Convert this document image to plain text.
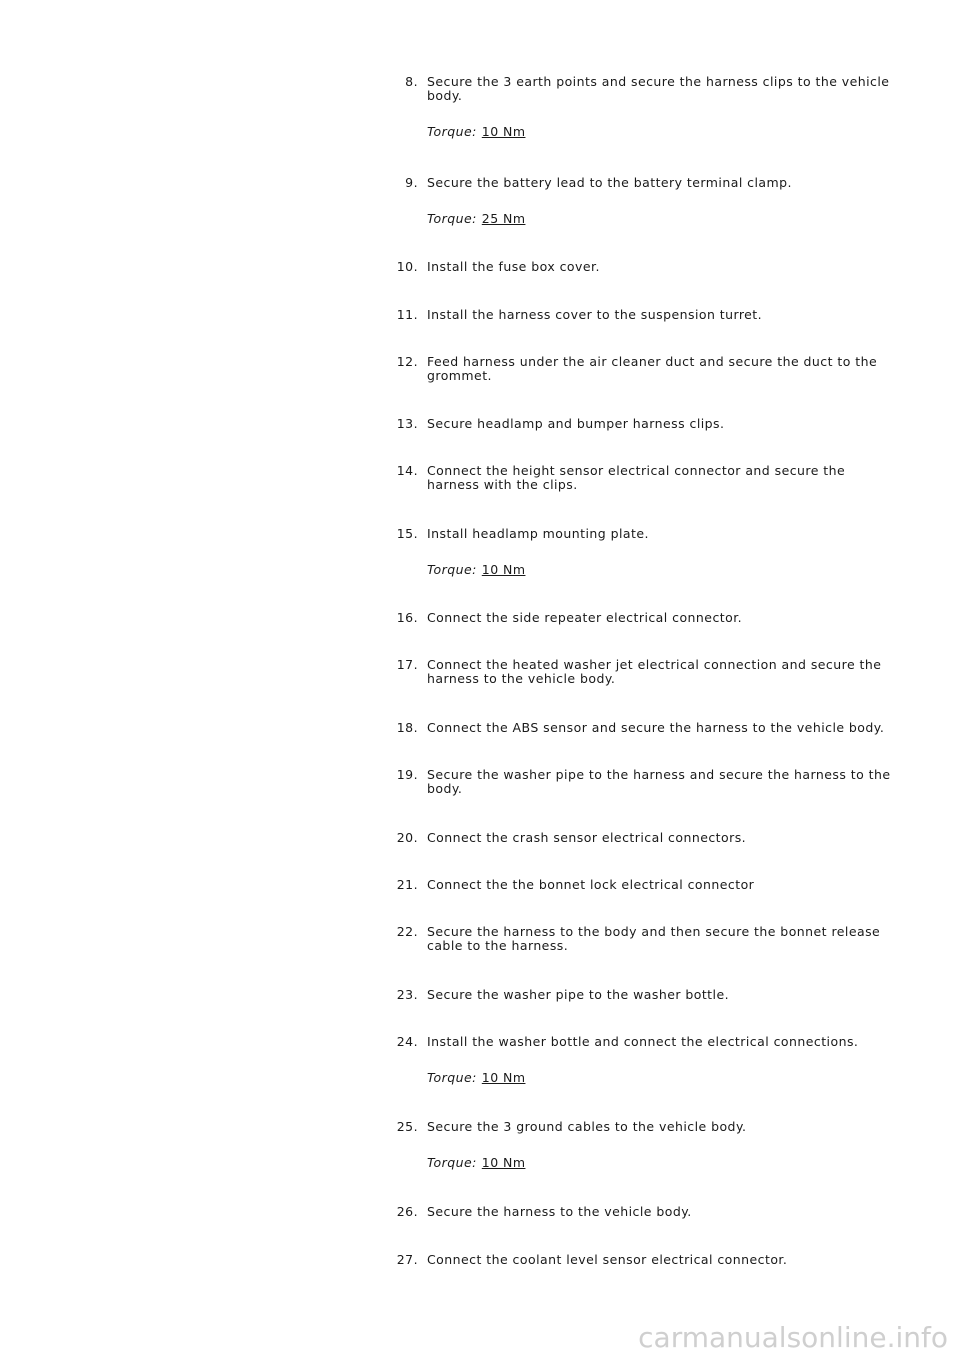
8. Secure the 3 earth points and secure the harness clips to the vehicle body.
Torque: 10 Nm
9. Secure the battery lead to the battery terminal clamp.
Torque: 25 Nm
10. Install the fuse box cover.
11. Install the harness cover to the suspension turret.
12. Feed harness under the air cleaner duct and secure the duct to the grommet.
13. Secure headlamp and bumper harness clips.
14. Connect the height sensor electrical connector and secure the harness with the clips.
15. Install headlamp mounting plate.
Torque: 10 Nm
16. Connect the side repeater electrical connector.
17. Connect the heated washer jet electrical connection and secure the harness to the vehicle body.
18. Connect the ABS sensor and secure the harness to the vehicle body.
19. Secure the washer pipe to the harness and secure the harness to the body.
20. Connect the crash sensor electrical connectors.
21. Connect the the bonnet lock electrical connector
22. Secure the harness to the body and then secure the bonnet release cable to the harness.
23. Secure the washer pipe to the washer bottle.
24. Install the washer bottle and connect the electrical connections.
Torque: 10 Nm
25. Secure the 3 ground cables to the vehicle body.
Torque: 10 Nm
26. Secure the harness to the vehicle body.
27. Connect the coolant level sensor electrical connector.
carmanualsonline.info
